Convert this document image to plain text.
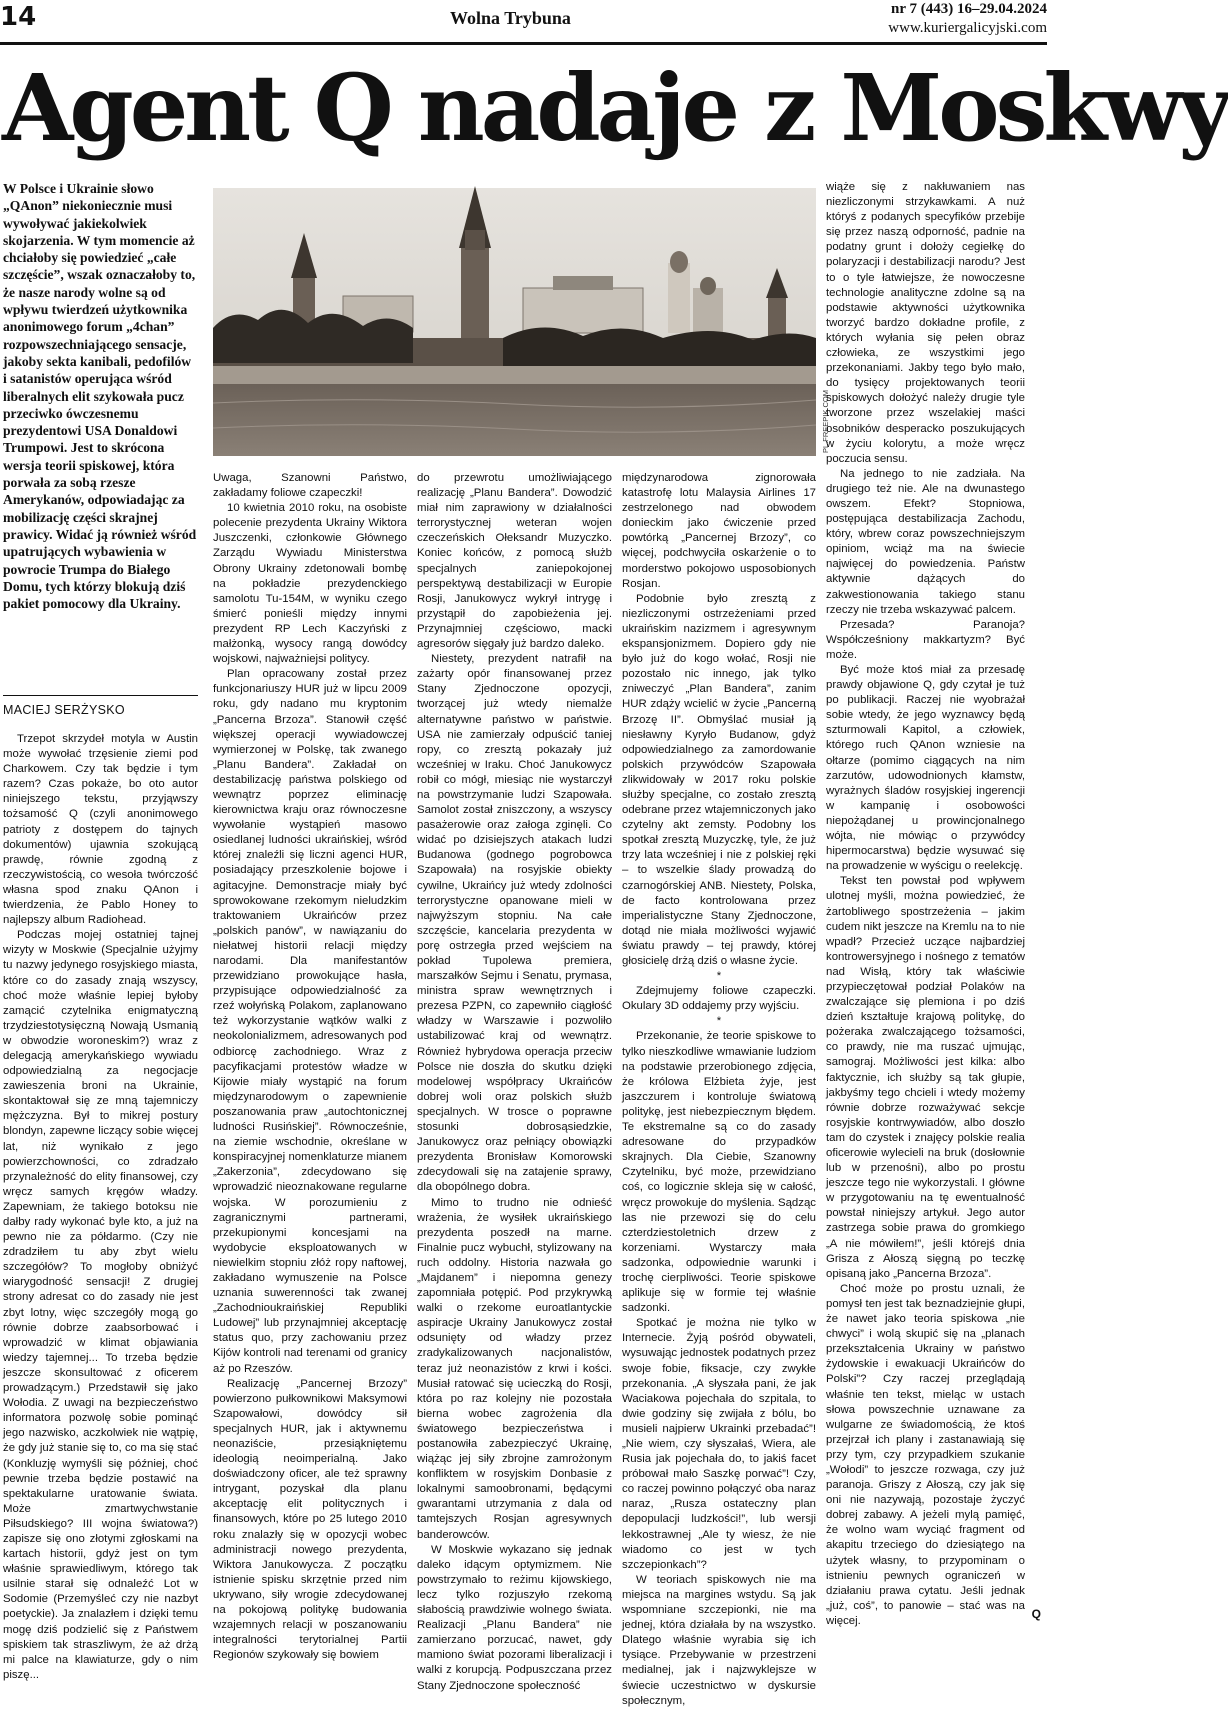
14	Wolna Trybuna	nr 7 (443) 16–29.04.2024
www.kuriergalicyjski.com
Agent Q nadaje z Moskwy
W Polsce i Ukrainie słowo „QAnon” niekoniecznie musi wywoływać jakiekolwiek skojarzenia. W tym momencie aż chciałoby się powiedzieć „całe szczęście”, wszak oznaczałoby to, że nasze narody wolne są od wpływu twierdzeń użytkownika anonimowego forum „4chan” rozpowszechniającego sensacje, jakoby sekta kanibali, pedofilów i satanistów operująca wśród liberalnych elit szykowała pucz przeciwko ówczesnemu prezydentowi USA Donaldowi Trumpowi. Jest to skrócona wersja teorii spiskowej, która porwała za sobą rzesze Amerykanów, odpowiadając za mobilizację części skrajnej prawicy. Widać ją również wśród upatrujących wybawienia w powrocie Trumpa do Białego Domu, tych którzy blokują dziś pakiet pomocowy dla Ukrainy.
MACIEJ SERŻYSKO
PL.FREEPIK.COM

Trzepot skrzydeł motyla w Austin może wywołać trzęsienie ziemi pod Charkowem. Czy tak będzie i tym razem? Czas pokaże, bo oto autor niniejszego tekstu, przyjąwszy tożsamość Q (czyli anonimowego patrioty z dostępem do tajnych dokumentów) ujawnia szokującą prawdę, równie zgodną z rzeczywistością, co wesoła twórczość własna spod znaku QAnon i twierdzenia, że Pablo Honey to najlepszy album Radiohead.

Podczas mojej ostatniej tajnej wizyty w Moskwie (Specjalnie użyjmy tu nazwy jedynego rosyjskiego miasta, które co do zasady znają wszyscy, choć może właśnie lepiej byłoby zamącić czytelnika enigmatyczną trzydziestotysięczną Nowają Usmanią w obwodzie woroneskim?) wraz z delegacją amerykańskiego wywiadu odpowiedzialną za negocjacje zawieszenia broni na Ukrainie, skontaktował się ze mną tajemniczy mężczyzna. Był to mikrej postury blondyn, zapewne liczący sobie więcej lat, niż wynikało z jego powierzchowności, co zdradzało przynależność do elity finansowej, czy wręcz samych kręgów władzy. Zapewniam, że takiego botoksu nie dałby rady wykonać byle kto, a już na pewno nie za półdarmo. (Czy nie zdradziłem tu aby zbyt wielu szczegółów? To mogłoby obniżyć wiarygodność sensacji! Z drugiej strony adresat co do zasady nie jest zbyt lotny, więc szczegóły mogą go równie dobrze zaabsorbować i wprowadzić w klimat objawiania wiedzy tajemnej... To trzeba będzie jeszcze skonsultować z oficerem prowadzącym.) Przedstawił się jako Wołodia. Z uwagi na bezpieczeństwo informatora pozwolę sobie pominąć jego nazwisko, aczkolwiek nie wątpię, że gdy już stanie się to, co ma się stać (Konkluzję wymyśli się później, choć pewnie trzeba będzie postawić na spektakularne uratowanie świata. Może zmartwychwstanie Piłsudskiego? III wojna światowa?) zapisze się ono złotymi zgłoskami na kartach historii, gdyż jest on tym właśnie sprawiedliwym, którego tak usilnie starał się odnaleźć Lot w Sodomie (Przemyśleć czy nie nazbyt poetyckie). Ja znalazłem i dzięki temu mogę dziś podzielić się z Państwem spiskiem tak straszliwym, że aż drżą mi palce na klawiaturze, gdy o nim piszę...

Uwaga, Szanowni Państwo, zakładamy foliowe czapeczki!

10 kwietnia 2010 roku, na osobiste polecenie prezydenta Ukrainy Wiktora Juszczenki, członkowie Głównego Zarządu Wywiadu Ministerstwa Obrony Ukrainy zdetonowali bombę na pokładzie prezydenckiego samolotu Tu-154M, w wyniku czego śmierć ponieśli między innymi prezydent RP Lech Kaczyński z małżonką, wysocy rangą dowódcy wojskowi, najważniejsi politycy.

Plan opracowany został przez funkcjonariuszy HUR już w lipcu 2009 roku, gdy nadano mu kryptonim „Pancerna Brzoza”. Stanowił część większej operacji wywiadowczej wymierzonej w Polskę, tak zwanego „Planu Bandera”. Zakładał on destabilizację państwa polskiego od wewnątrz poprzez eliminację kierownictwa kraju oraz równoczesne wywołanie wystąpień masowo osiedlanej ludności ukraińskiej, wśród której znaleźli się liczni agenci HUR, posiadający przeszkolenie bojowe i agitacyjne. Demonstracje miały być sprowokowane rzekomym nieludzkim traktowaniem Ukraińców przez „polskich panów”, w nawiązaniu do niełatwej historii relacji między narodami. Dla manifestantów przewidziano prowokujące hasła, przypisujące odpowiedzialność za rzeź wołyńską Polakom, zaplanowano też wykorzystanie wątków walki z neokolonializmem, adresowanych pod odbiorcę zachodniego. Wraz z pacyfikacjami protestów władze w Kijowie miały wystąpić na forum międzynarodowym o zapewnienie poszanowania praw „autochtonicznej ludności Rusińskiej”. Równocześnie, na ziemie wschodnie, określane w konspiracyjnej nomenklaturze mianem „Zakerzonia”, zdecydowano się wprowadzić nieoznakowane regularne wojska. W porozumieniu z zagranicznymi partnerami, przekupionymi koncesjami na wydobycie eksploatowanych w niewielkim stopniu złóż ropy naftowej, zakładano wymuszenie na Polsce uznania suwerenności tak zwanej „Zachodnioukraińskiej Republiki Ludowej” lub przynajmniej akceptację status quo, przy zachowaniu przez Kijów kontroli nad terenami od granicy aż po Rzeszów.

Realizację „Pancernej Brzozy” powierzono pułkownikowi Maksymowi Szapowałowi, dowódcy sił specjalnych HUR, jak i aktywnemu neonaziście, przesiąkniętemu ideologią neoimperialną. Jako doświadczony oficer, ale też sprawny intrygant, pozyskał dla planu akceptację elit politycznych i finansowych, które po 25 lutego 2010 roku znalazły się w opozycji wobec administracji nowego prezydenta, Wiktora Janukowycza. Z początku istnienie spisku skrzętnie przed nim ukrywano, siły wrogie zdecydowanej na pokojową politykę budowania wzajemnych relacji w poszanowaniu integralności terytorialnej Partii Regionów szykowały się bowiem

do przewrotu umożliwiającego realizację „Planu Bandera”. Dowodzić miał nim zaprawiony w działalności terrorystycznej weteran wojen czeczeńskich Ołeksandr Muzyczko. Koniec końców, z pomocą służb specjalnych zaniepokojonej perspektywą destabilizacji w Europie Rosji, Janukowycz wykrył intrygę i przystąpił do zapobieżenia jej. Przynajmniej częściowo, macki agresorów sięgały już bardzo daleko.

Niestety, prezydent natrafił na zażarty opór finansowanej przez Stany Zjednoczone opozycji, tworzącej już wtedy niemalże alternatywne państwo w państwie. USA nie zamierzały odpuścić taniej ropy, co zresztą pokazały już wcześniej w Iraku. Choć Janukowycz robił co mógł, miesiąc nie wystarczył na powstrzymanie ludzi Szapowała. Samolot został zniszczony, a wszyscy pasażerowie oraz załoga zginęli. Co widać po dzisiejszych atakach ludzi Budanowa (godnego pogrobowca Szapowała) na rosyjskie obiekty cywilne, Ukraińcy już wtedy zdolności terrorystyczne opanowane mieli w najwyższym stopniu. Na całe szczęście, kancelaria prezydenta w porę ostrzegła przed wejściem na pokład Tupolewa premiera, marszałków Sejmu i Senatu, prymasa, ministra spraw wewnętrznych i prezesa PZPN, co zapewniło ciągłość władzy w Warszawie i pozwoliło ustabilizować kraj od wewnątrz. Również hybrydowa operacja przeciw Polsce nie doszła do skutku dzięki modelowej współpracy Ukraińców dobrej woli oraz polskich służb specjalnych. W trosce o poprawne stosunki dobrosąsiedzkie, Janukowycz oraz pełniący obowiązki prezydenta Bronisław Komorowski zdecydowali się na zatajenie sprawy, dla obopólnego dobra.

Mimo to trudno nie odnieść wrażenia, że wysiłek ukraińskiego prezydenta poszedł na marne. Finalnie pucz wybuchł, stylizowany na ruch oddolny. Historia nazwała go „Majdanem” i niepomna genezy zapomniała potępić. Pod przykrywką walki o rzekome euroatlantyckie aspiracje Ukrainy Janukowycz został odsunięty od władzy przez zradykalizowanych nacjonalistów, teraz już neonazistów z krwi i kości. Musiał ratować się ucieczką do Rosji, która po raz kolejny nie pozostała bierna wobec zagrożenia dla światowego bezpieczeństwa i postanowiła zabezpieczyć Ukrainę, wiążąc jej siły zbrojne zamrożonym konfliktem w rosyjskim Donbasie z lokalnymi samoobronami, będącymi gwarantami utrzymania z dala od tamtejszych Rosjan agresywnych banderowców.

W Moskwie wykazano się jednak daleko idącym optymizmem. Nie powstrzymało to reżimu kijowskiego, lecz tylko rozjuszyło rzekomą słabością prawdziwie wolnego świata. Realizacji „Planu Bandera” nie zamierzano porzucać, nawet, gdy mamiono świat pozorami liberalizacji i walki z korupcją. Podpuszczana przez Stany Zjednoczone społeczność

międzynarodowa zignorowała katastrofę lotu Malaysia Airlines 17 zestrzelonego nad obwodem donieckim jako ćwiczenie przed powtórką „Pancernej Brzozy”, co więcej, podchwyciła oskarżenie o to morderstwo pokojowo usposobionych Rosjan.

Podobnie było zresztą z niezliczonymi ostrzeżeniami przed ukraińskim nazizmem i agresywnym ekspansjonizmem. Dopiero gdy nie było już do kogo wołać, Rosji nie pozostało nic innego, jak tylko zniweczyć „Plan Bandera”, zanim HUR zdąży wcielić w życie „Pancerną Brzozę II”. Obmyślać musiał ją niesławny Kyryło Budanow, gdyż odpowiedzialnego za zamordowanie polskich przywódców Szapowała zlikwidowały w 2017 roku polskie służby specjalne, co zostało zresztą odebrane przez wtajemniczonych jako czytelny akt zemsty. Podobny los spotkał zresztą Muzyczkę, tyle, że już trzy lata wcześniej i nie z polskiej ręki – to wszelkie ślady prowadzą do czarnogórskiej ANB. Niestety, Polska, de facto kontrolowana przez imperialistyczne Stany Zjednoczone, dotąd nie miała możliwości wyjawić światu prawdy – tej prawdy, której głosicielę drżą dziś o własne życie.

*

Zdejmujemy foliowe czapeczki. Okulary 3D oddajemy przy wyjściu.

*

Przekonanie, że teorie spiskowe to tylko nieszkodliwe wmawianie ludziom na podstawie przerobionego zdjęcia, że królowa Elżbieta żyje, jest jaszczurem i kontroluje światową politykę, jest niebezpiecznym błędem. Te ekstremalne są co do zasady adresowane do przypadków skrajnych. Dla Ciebie, Szanowny Czytelniku, być może, przewidziano coś, co logicznie skleja się w całość, wręcz prowokuje do myślenia. Sądząc las nie przewozi się do celu czterdziestoletnich drzew z korzeniami. Wystarczy mała sadzonka, odpowiednie warunki i trochę cierpliwości. Teorie spiskowe aplikuje się w formie tej właśnie sadzonki.

Spotkać je można nie tylko w Internecie. Żyją pośród obywateli, wysuwając jednostek podatnych przez swoje fobie, fiksacje, czy zwykłe przekonania. „A słyszała pani, że jak Waciakowa pojechała do szpitala, to dwie godziny się zwijała z bólu, bo musieli najpierw Ukrainki przebadać”! „Nie wiem, czy słyszałaś, Wiera, ale Rusia jak pojechała do, to jakiś facet próbował mało Saszkę porwać”! Czy, co raczej powinno połączyć oba naraz naraz, „Rusza ostateczny plan depopulacji ludzkości!”, lub wersji lekkostrawnej „Ale ty wiesz, że nie wiadomo co jest w tych szczepionkach”?

W teoriach spiskowych nie ma miejsca na margines wstydu. Są jak wspomniane szczepionki, nie ma jednej, która działała by na wszystko. Dlatego właśnie wyrabia się ich tysiące. Przebywanie w przestrzeni medialnej, jak i najzwyklejsze w świecie uczestnictwo w dyskursie społecznym,

wiąże się z nakłuwaniem nas niezliczonymi strzykawkami. A nuż któryś z podanych specyfików przebije się przez naszą odporność, padnie na podatny grunt i dołoży cegiełkę do polaryzacji i destabilizacji narodu? Jest to o tyle łatwiejsze, że nowoczesne technologie analityczne zdolne są na podstawie aktywności użytkownika tworzyć bardzo dokładne profile, z których wyłania się pełen obraz człowieka, ze wszystkimi jego przekonaniami. Jakby tego było mało, do tysięcy projektowanych teorii spiskowych dołożyć należy drugie tyle tworzone przez wszelakiej maści osobników desperacko poszukujących w życiu kolorytu, a może wręcz poczucia sensu.

Na jednego to nie zadziała. Na drugiego też nie. Ale na dwunastego owszem. Efekt? Stopniowa, postępująca destabilizacja Zachodu, który, wbrew coraz powszechniejszym opiniom, wciąż ma na świecie najwięcej do powiedzenia. Państw aktywnie dążących do zakwestionowania takiego stanu rzeczy nie trzeba wskazywać palcem.

Przesada? Paranoja? Współcześniony makkartyzm? Być może.

Być może ktoś miał za przesadę prawdy objawione Q, gdy czytał je tuż po publikacji. Raczej nie wyobrażał sobie wtedy, że jego wyznawcy będą szturmowali Kapitol, a człowiek, którego ruch QAnon wzniesie na ołtarze (pomimo ciągących na nim zarzutów, udowodnionych kłamstw, wyrażnych śladów rosyjskiej ingerencji w kampanię i osobowości niepożądanej u prowincjonalnego wójta, nie mówiąc o przywódcy hipermocarstwa) będzie wysuwać się na prowadzenie w wyścigu o reelekcję.

Tekst ten powstał pod wpływem ulotnej myśli, można powiedzieć, że żartobliwego spostrzeżenia – jakim cudem nikt jeszcze na Kremlu na to nie wpadł? Przecież uczące najbardziej kontrowersyjnego i nośnego z tematów nad Wisłą, który tak właściwie przypieczętował podział Polaków na zwalczające się plemiona i po dziś dzień kształtuje krajową politykę, do pożeraka zwalczającego tożsamości, co prawdy, nie ma ruszać ujmując, samograj. Możliwości jest kilka: albo faktycznie, ich służby są tak głupie, jakbyśmy tego chcieli i wtedy możemy równie dobrze rozważywać sekcje rosyjskie kontrwywiadów, albo doszło tam do czystek i znajęcy polskie realia oficerowie wylecieli na bruk (dosłownie lub w przenośni), albo po prostu jeszcze tego nie wykorzystali. I główne w przygotowaniu na tę ewentualność powstał niniejszy artykuł. Jego autor zastrzega sobie prawa do gromkiego „A nie mówiłem!”, jeśli którejś dnia Grisza z Ałoszą sięgną po teczkę opisaną jako „Pancerna Brzoza”.

Choć może po prostu uznali, że pomysł ten jest tak beznadziejnie głupi, że nawet jako teoria spiskowa „nie chwyci” i wolą skupić się na „planach przekształcenia Ukrainy w państwo żydowskie i ewakuacji Ukraińców do Polski”? Czy raczej przeglądają właśnie ten tekst, mieląc w ustach słowa powszechnie uznawane za wulgarne ze świadomością, że ktoś przejrzał ich plany i zastanawiają się przy tym, czy przypadkiem szukanie „Wołodi” to jeszcze rozwaga, czy już paranoja. Griszy z Ałoszą, czy jak się oni nie nazywają, pozostaje życzyć dobrej zabawy. A jeżeli mylą pamięć, że wolno wam wyciąć fragment od akapitu trzeciego do dziesiątego na użytek własny, to przypominam o istnieniu pewnych ograniczeń w działaniu prawa cytatu. Jeśli jednak „już, coś”, to panowie – stać was na więcej.	Q
